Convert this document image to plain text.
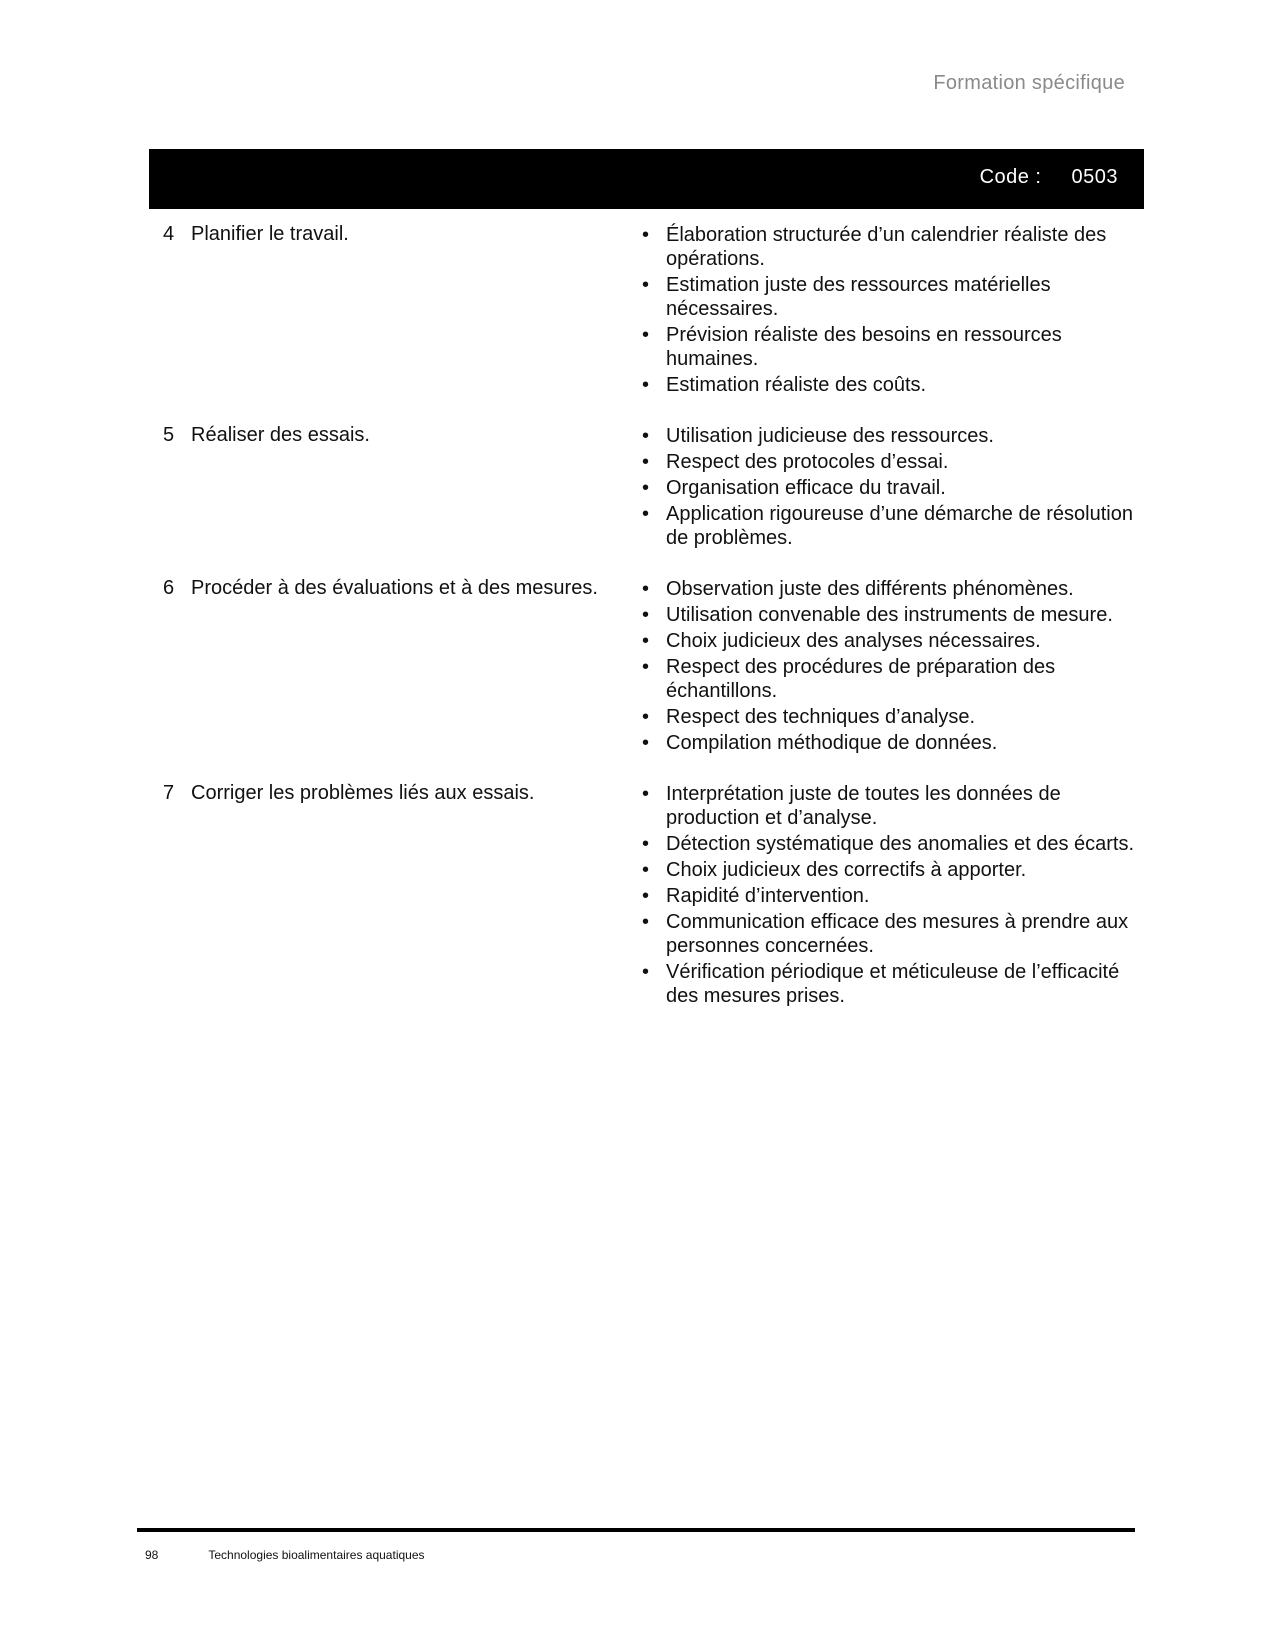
Formation spécifique
Code : 0503
4 Planifier le travail.	• Élaboration structurée d’un calendrier réaliste des opérations.
• Estimation juste des ressources matérielles nécessaires.
• Prévision réaliste des besoins en ressources humaines.
• Estimation réaliste des coûts.
5 Réaliser des essais.	• Utilisation judicieuse des ressources.
• Respect des protocoles d’essai.
• Organisation efficace du travail.
• Application rigoureuse d’une démarche de résolution de problèmes.
6 Procéder à des évaluations et à des mesures.	• Observation juste des différents phénomènes.
• Utilisation convenable des instruments de mesure.
• Choix judicieux des analyses nécessaires.
• Respect des procédures de préparation des échantillons.
• Respect des techniques d’analyse.
• Compilation méthodique de données.
7 Corriger les problèmes liés aux essais.	• Interprétation juste de toutes les données de production et d’analyse.
• Détection systématique des anomalies et des écarts.
• Choix judicieux des correctifs à apporter.
• Rapidité d’intervention.
• Communication efficace des mesures à prendre aux personnes concernées.
• Vérification périodique et méticuleuse de l’efficacité des mesures prises.
98	Technologies bioalimentaires aquatiques
